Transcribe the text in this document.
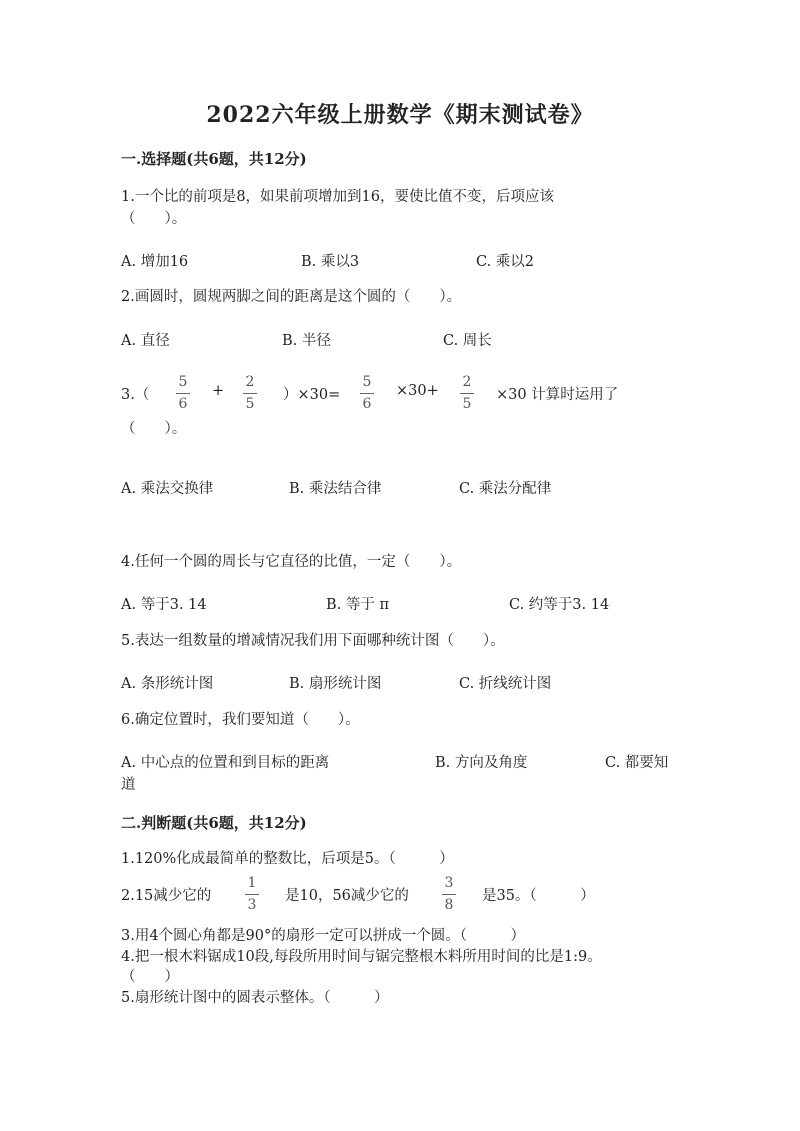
2022六年级上册数学《期末测试卷》
一.选择题(共6题，共12分)
1.一个比的前项是8，如果前项增加到16，要使比值不变，后项应该
（　　）。
A. 增加16	B. 乘以3	C. 乘以2
2.画圆时，圆规两脚之间的距离是这个圆的（　　）。
A. 直径	B. 半径	C. 周长
3.（
5
6
+
2
5
）×30=
5
6
×30+
2
5
×30 计算时运用了
（　　）。
A. 乘法交换律	B. 乘法结合律	C. 乘法分配律
4.任何一个圆的周长与它直径的比值，一定（　　）。
A. 等于3. 14	B. 等于 π	C. 约等于3. 14
5.表达一组数量的增减情况我们用下面哪种统计图（　　）。
A. 条形统计图	B. 扇形统计图	C. 折线统计图
6.确定位置时，我们要知道（　　）。
A. 中心点的位置和到目标的距离	B. 方向及角度	C. 都要知
道
二.判断题(共6题，共12分)
1.120%化成最简单的整数比，后项是5。（　　　）
2.15减少它的
1
3
是10，56减少它的
3
8
是35。（　　　）
3.用4个圆心角都是90°的扇形一定可以拼成一个圆。（　　　）
4.把一根木料锯成10段,每段所用时间与锯完整根木料所用时间的比是1:9。
（　　）
5.扇形统计图中的圆表示整体。（　　　）
